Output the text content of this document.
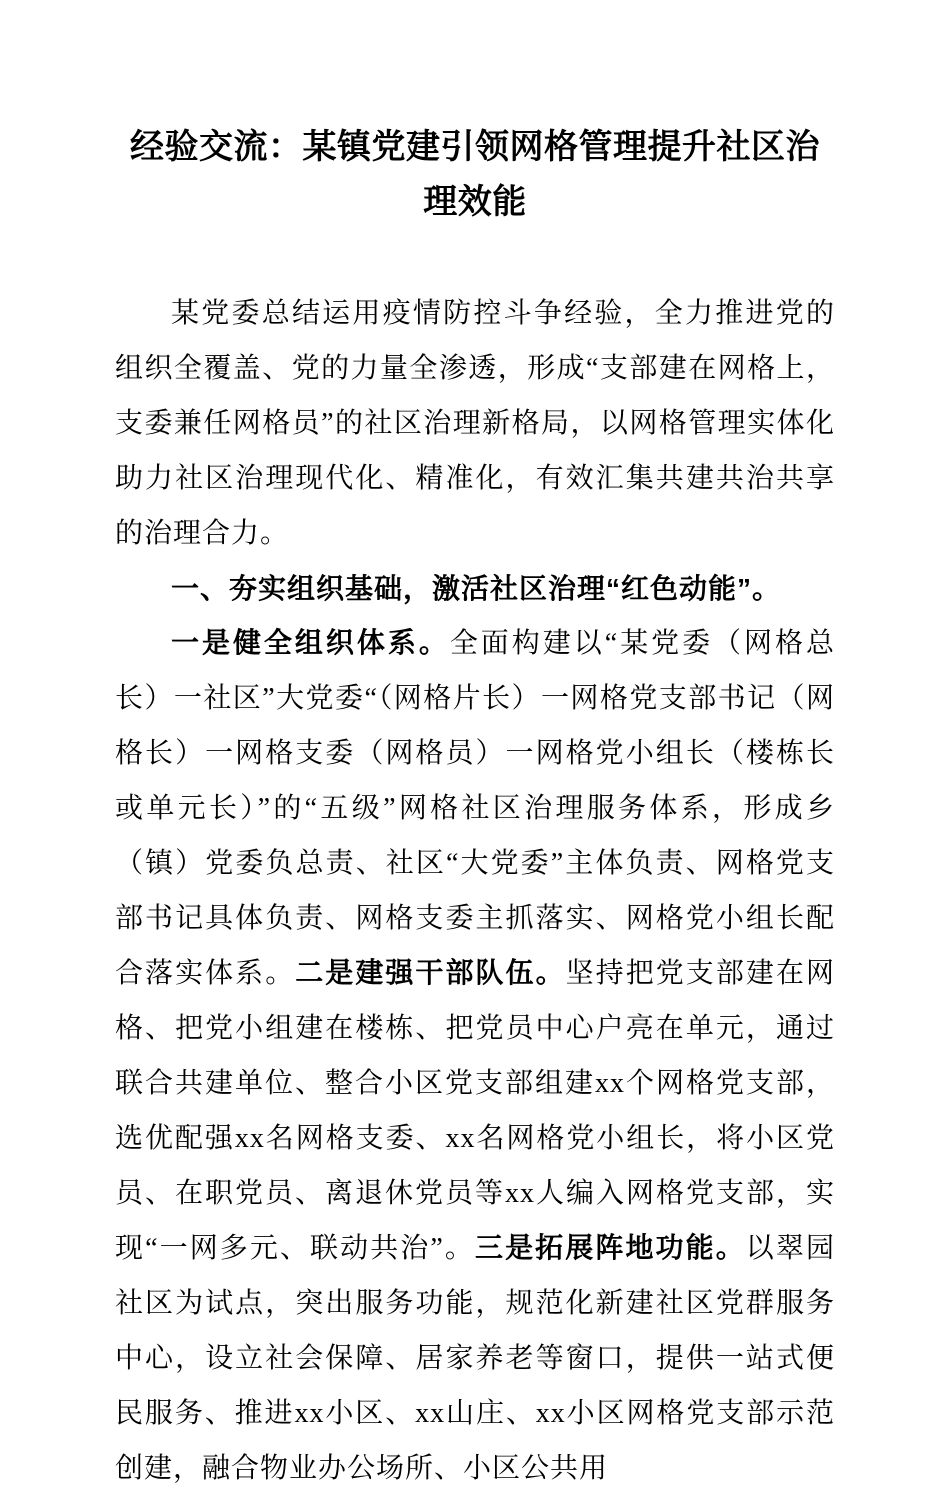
经验交流：某镇党建引领网格管理提升社区治理效能

某党委总结运用疫情防控斗争经验，全力推进党的组织全覆盖、党的力量全渗透，形成“支部建在网格上，支委兼任网格员”的社区治理新格局，以网格管理实体化助力社区治理现代化、精准化，有效汇集共建共治共享的治理合力。

一、夯实组织基础，激活社区治理“红色动能”。

一是健全组织体系。全面构建以“某党委（网格总长）一社区”大党委“（网格片长）一网格党支部书记（网格长）一网格支委（网格员）一网格党小组长（楼栋长或单元长）”的“五级”网格社区治理服务体系，形成乡（镇）党委负总责、社区“大党委”主体负责、网格党支部书记具体负责、网格支委主抓落实、网格党小组长配合落实体系。二是建强干部队伍。坚持把党支部建在网格、把党小组建在楼栋、把党员中心户亮在单元，通过联合共建单位、整合小区党支部组建xx个网格党支部，选优配强xx名网格支委、xx名网格党小组长，将小区党员、在职党员、离退休党员等xx人编入网格党支部，实现“一网多元、联动共治”。三是拓展阵地功能。以翠园社区为试点，突出服务功能，规范化新建社区党群服务中心，设立社会保障、居家养老等窗口，提供一站式便民服务、推进xx小区、xx山庄、xx小区网格党支部示范创建，融合物业办公场所、小区公共用
